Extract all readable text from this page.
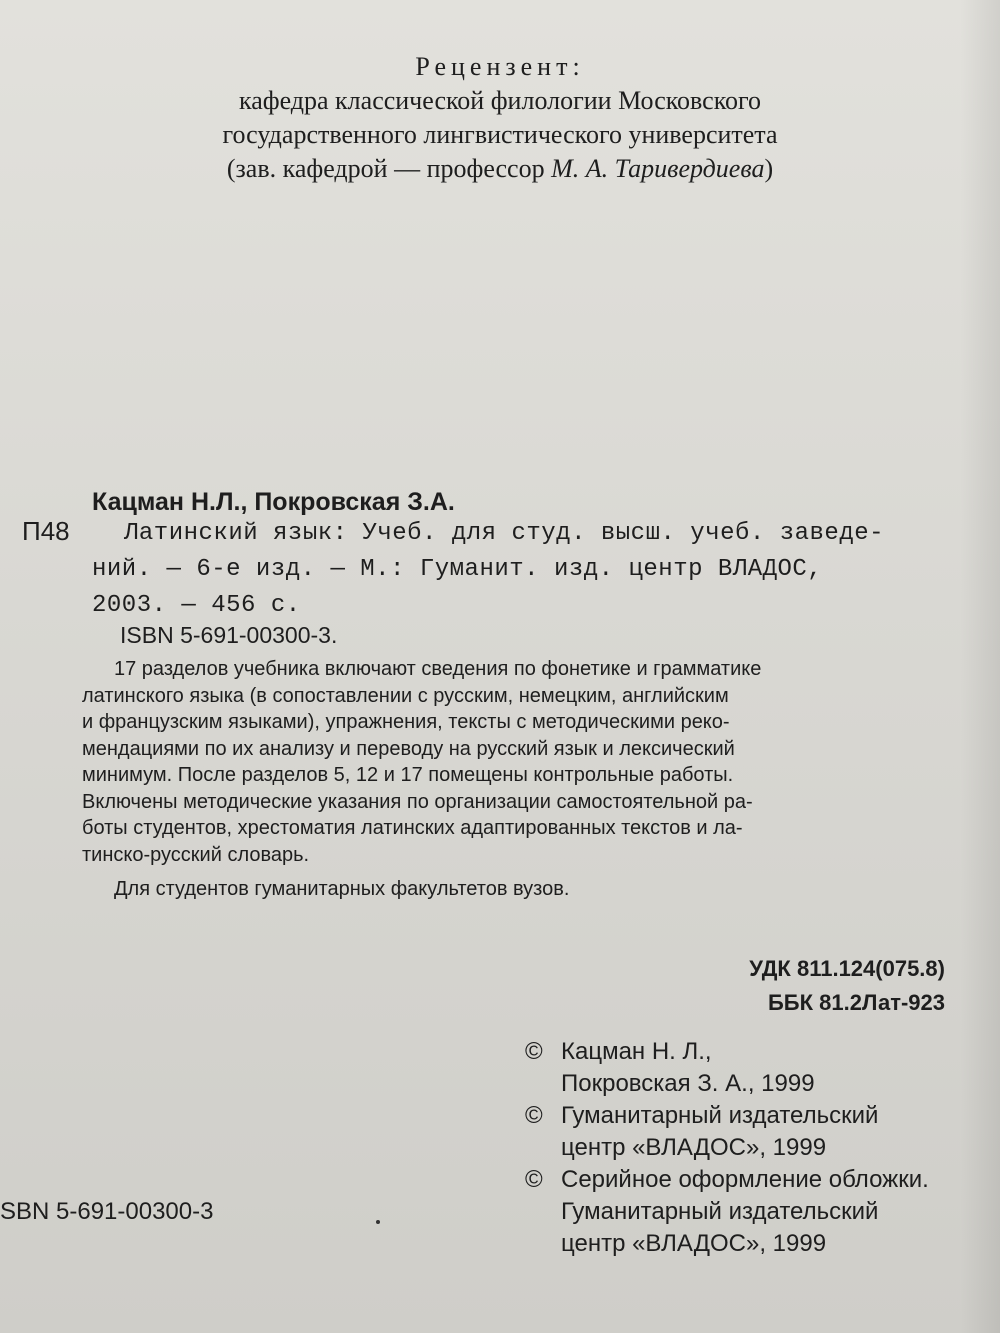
Рецензент:
кафедра классической филологии Московского
государственного лингвистического университета
(зав. кафедрой — профессор М. А. Таривердиева)
Кацман Н.Л., Покровская З.А.
П48	Латинский язык: Учеб. для студ. высш. учеб. заведе-
ний. — 6-е изд. — М.: Гуманит. изд. центр ВЛАДОС,
2003. — 456 с.
ISBN 5-691-00300-3.
17 разделов учебника включают сведения по фонетике и грамматике
латинского языка (в сопоставлении с русским, немецким, английским
и французским языками), упражнения, тексты с методическими реко-
мендациями по их анализу и переводу на русский язык и лексический
минимум. После разделов 5, 12 и 17 помещены контрольные работы.
Включены методические указания по организации самостоятельной ра-
боты студентов, хрестоматия латинских адаптированных текстов и ла-
тинско-русский словарь.
Для студентов гуманитарных факультетов вузов.
УДК 811.124(075.8)
ББК 81.2Лат-923
© Кацман Н. Л.,
Покровская З. А., 1999
© Гуманитарный издательский
центр «ВЛАДОС», 1999
© Серийное оформление обложки.
Гуманитарный издательский
центр «ВЛАДОС», 1999
SBN 5-691-00300-3
